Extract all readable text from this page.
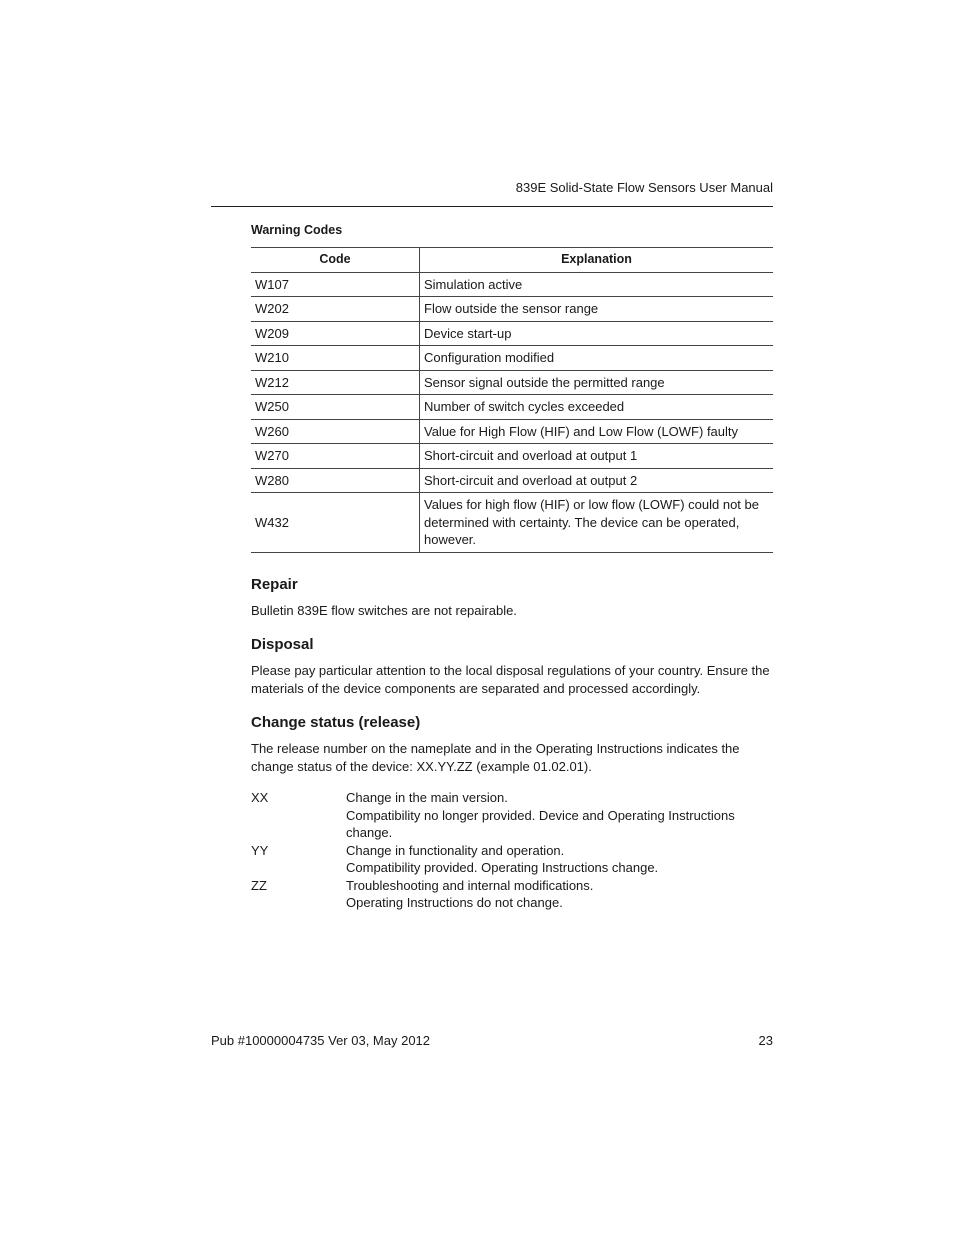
839E Solid-State Flow Sensors User Manual
Warning Codes
Code	Explanation
W107	Simulation active
W202	Flow outside the sensor range
W209	Device start-up
W210	Configuration modified
W212	Sensor signal outside the permitted range
W250	Number of switch cycles exceeded
W260	Value for High Flow (HIF) and Low Flow (LOWF) faulty
W270	Short-circuit and overload at output 1
W280	Short-circuit and overload at output 2
W432	Values for high flow (HIF) or low flow (LOWF) could not be determined with certainty. The device can be operated, however.
Repair

Bulletin 839E flow switches are not repairable.

Disposal

Please pay particular attention to the local disposal regulations of your country. Ensure the materials of the device components are separated and processed accordingly.

Change status (release)

The release number on the nameplate and in the Operating Instructions indicates the change status of the device: XX.YY.ZZ (example 01.02.01).

XX	Change in the main version.
Compatibility no longer provided. Device and Operating Instructions change.
YY	Change in functionality and operation.
Compatibility provided. Operating Instructions change.
ZZ	Troubleshooting and internal modifications.
Operating Instructions do not change.
Pub #10000004735 Ver 03, May 2012	23
